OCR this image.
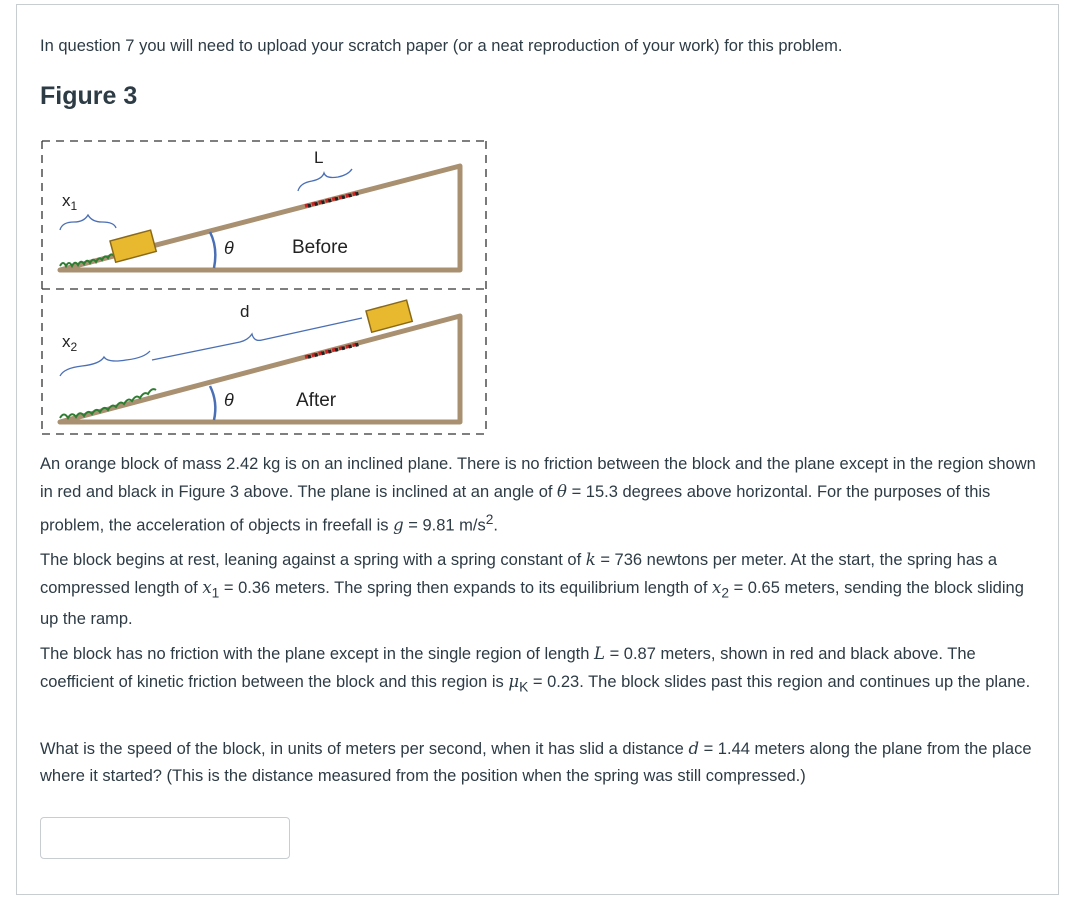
In question 7 you will need to upload your scratch paper (or a neat reproduction of your work) for this problem.
Figure 3
L
$x_1$
θ	Before
$x_2$
d
θ	After
An orange block of mass 2.42 kg is on an inclined plane. There is no friction between the block and the plane except in the region shown in red and black in Figure 3 above. The plane is inclined at an angle of θ = 15.3 degrees above horizontal. For the purposes of this problem, the acceleration of objects in freefall is g = 9.81 $m/s^2$.
The block begins at rest, leaning against a spring with a spring constant of k = 736 newtons per meter. At the start, the spring has a compressed length of $x_1 = 0.36$ meters. The spring then expands to its equilibrium length of $x_2 = 0.65$ meters, sending the block sliding up the ramp.
The block has no friction with the plane except in the single region of length L = 0.87 meters, shown in red and black above. The coefficient of kinetic friction between the block and this region is $\mu_K = 0.23$. The block slides past this region and continues up the plane.
What is the speed of the block, in units of meters per second, when it has slid a distance d = 1.44 meters along the plane from the place where it started? (This is the distance measured from the position when the spring was still compressed.)
